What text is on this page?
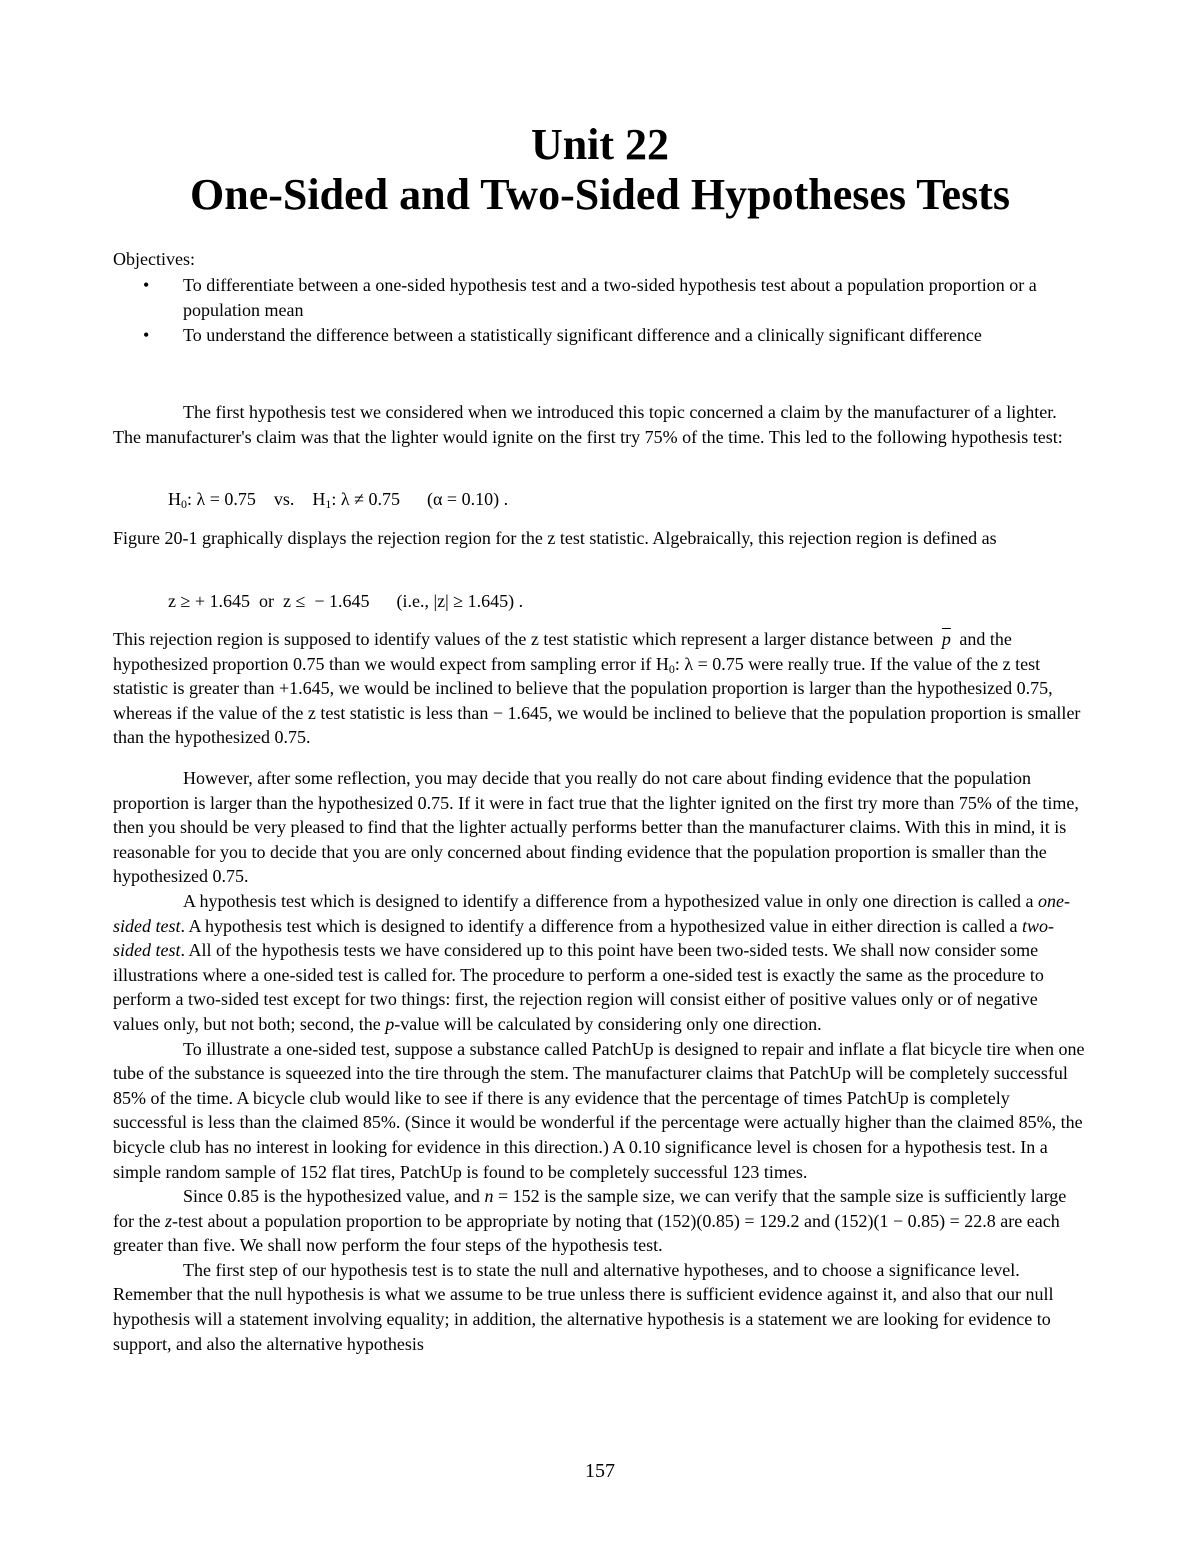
Unit 22
One-Sided and Two-Sided Hypotheses Tests
Objectives:
• To differentiate between a one-sided hypothesis test and a two-sided hypothesis test about a population proportion or a population mean
• To understand the difference between a statistically significant difference and a clinically significant difference
The first hypothesis test we considered when we introduced this topic concerned a claim by the manufacturer of a lighter. The manufacturer's claim was that the lighter would ignite on the first try 75% of the time. This led to the following hypothesis test:
$H_0$: λ = 0.75    vs.    $H_1$: λ ≠ 0.75      (α = 0.10) .
Figure 20-1 graphically displays the rejection region for the z test statistic. Algebraically, this rejection region is defined as
z ≥ + 1.645  or  z ≤  − 1.645      (i.e., |z| ≥ 1.645) .
This rejection region is supposed to identify values of the z test statistic which represent a larger distance between $\overline{p}$ and the hypothesized proportion 0.75 than we would expect from sampling error if $H_0$: λ = 0.75 were really true. If the value of the z test statistic is greater than +1.645, we would be inclined to believe that the population proportion is larger than the hypothesized 0.75, whereas if the value of the z test statistic is less than − 1.645, we would be inclined to believe that the population proportion is smaller than the hypothesized 0.75.

However, after some reflection, you may decide that you really do not care about finding evidence that the population proportion is larger than the hypothesized 0.75. If it were in fact true that the lighter ignited on the first try more than 75% of the time, then you should be very pleased to find that the lighter actually performs better than the manufacturer claims. With this in mind, it is reasonable for you to decide that you are only concerned about finding evidence that the population proportion is smaller than the hypothesized 0.75.

A hypothesis test which is designed to identify a difference from a hypothesized value in only one direction is called a one-sided test. A hypothesis test which is designed to identify a difference from a hypothesized value in either direction is called a two-sided test. All of the hypothesis tests we have considered up to this point have been two-sided tests. We shall now consider some illustrations where a one-sided test is called for. The procedure to perform a one-sided test is exactly the same as the procedure to perform a two-sided test except for two things: first, the rejection region will consist either of positive values only or of negative values only, but not both; second, the p-value will be calculated by considering only one direction.

To illustrate a one-sided test, suppose a substance called PatchUp is designed to repair and inflate a flat bicycle tire when one tube of the substance is squeezed into the tire through the stem. The manufacturer claims that PatchUp will be completely successful 85% of the time. A bicycle club would like to see if there is any evidence that the percentage of times PatchUp is completely successful is less than the claimed 85%. (Since it would be wonderful if the percentage were actually higher than the claimed 85%, the bicycle club has no interest in looking for evidence in this direction.) A 0.10 significance level is chosen for a hypothesis test. In a simple random sample of 152 flat tires, PatchUp is found to be completely successful 123 times.

Since 0.85 is the hypothesized value, and n = 152 is the sample size, we can verify that the sample size is sufficiently large for the z-test about a population proportion to be appropriate by noting that (152)(0.85) = 129.2 and (152)(1 − 0.85) = 22.8 are each greater than five. We shall now perform the four steps of the hypothesis test.

The first step of our hypothesis test is to state the null and alternative hypotheses, and to choose a significance level. Remember that the null hypothesis is what we assume to be true unless there is sufficient evidence against it, and also that our null hypothesis will a statement involving equality; in addition, the alternative hypothesis is a statement we are looking for evidence to support, and also the alternative hypothesis

157
